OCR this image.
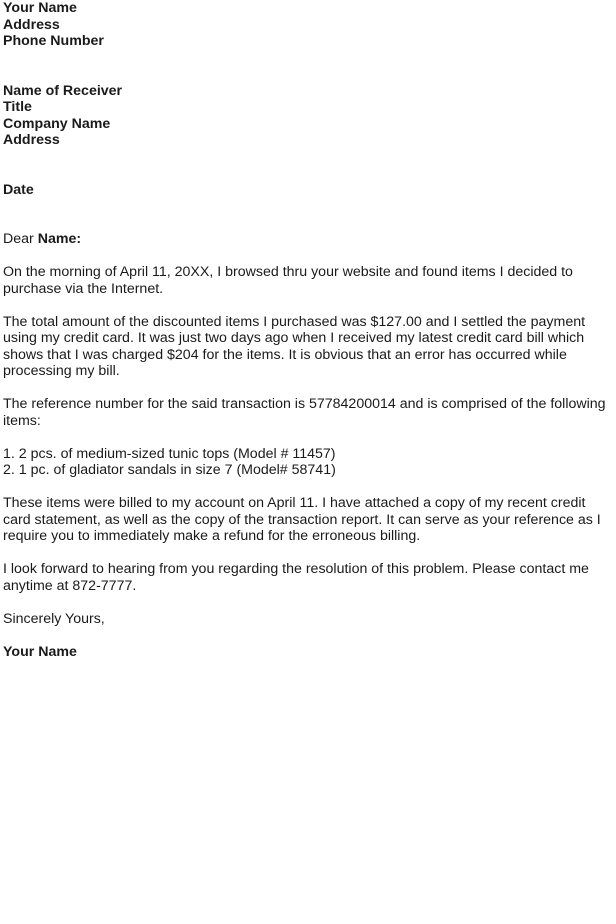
Your Name
Address
Phone Number
Name of Receiver
Title
Company Name
Address
Date
Dear Name:
On the morning of April 11, 20XX, I browsed thru your website and found items I decided to
purchase via the Internet.
The total amount of the discounted items I purchased was $127.00 and I settled the payment
using my credit card. It was just two days ago when I received my latest credit card bill which
shows that I was charged $204 for the items. It is obvious that an error has occurred while
processing my bill.
The reference number for the said transaction is 57784200014 and is comprised of the following
items:
1. 2 pcs. of medium-sized tunic tops (Model # 11457)
2. 1 pc. of gladiator sandals in size 7 (Model# 58741)
These items were billed to my account on April 11. I have attached a copy of my recent credit
card statement, as well as the copy of the transaction report. It can serve as your reference as I
require you to immediately make a refund for the erroneous billing.
I look forward to hearing from you regarding the resolution of this problem. Please contact me
anytime at 872-7777.
Sincerely Yours,
Your Name
